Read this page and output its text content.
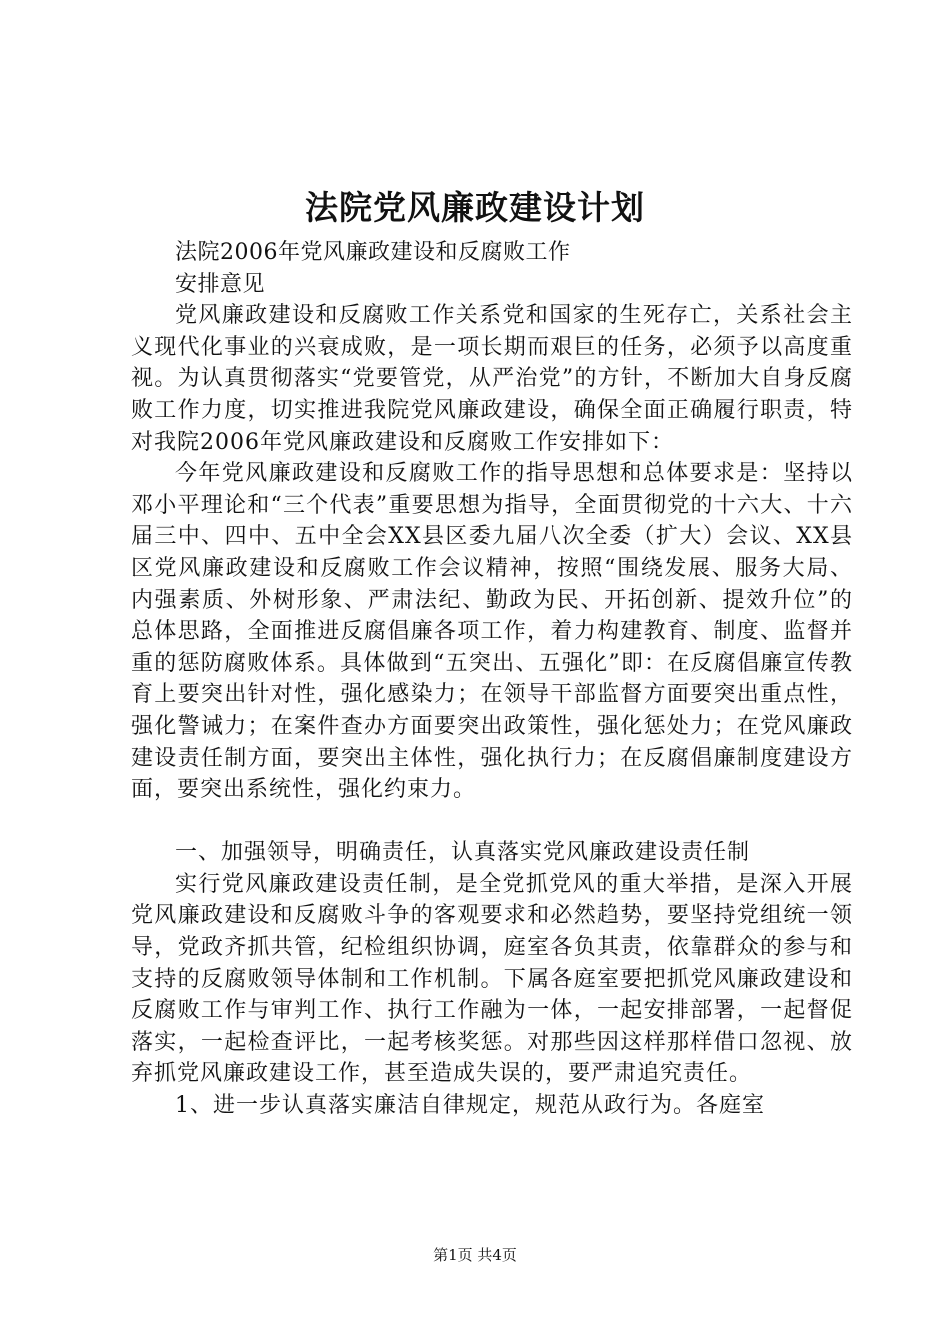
法院党风廉政建设计划

法院2006年党风廉政建设和反腐败工作

安排意见

党风廉政建设和反腐败工作关系党和国家的生死存亡，关系社会主义现代化事业的兴衰成败，是一项长期而艰巨的任务，必须予以高度重视。为认真贯彻落实“党要管党，从严治党”的方针，不断加大自身反腐败工作力度，切实推进我院党风廉政建设，确保全面正确履行职责，特对我院2006年党风廉政建设和反腐败工作安排如下：

今年党风廉政建设和反腐败工作的指导思想和总体要求是：坚持以邓小平理论和“三个代表”重要思想为指导，全面贯彻党的十六大、十六届三中、四中、五中全会XX县区委九届八次全委（扩大）会议、XX县区党风廉政建设和反腐败工作会议精神，按照“围绕发展、服务大局、内强素质、外树形象、严肃法纪、勤政为民、开拓创新、提效升位”的总体思路，全面推进反腐倡廉各项工作，着力构建教育、制度、监督并重的惩防腐败体系。具体做到“五突出、五强化”即：在反腐倡廉宣传教育上要突出针对性，强化感染力；在领导干部监督方面要突出重点性，强化警诫力；在案件查办方面要突出政策性，强化惩处力；在党风廉政建设责任制方面，要突出主体性，强化执行力；在反腐倡廉制度建设方面，要突出系统性，强化约束力。

一、加强领导，明确责任，认真落实党风廉政建设责任制

实行党风廉政建设责任制，是全党抓党风的重大举措，是深入开展党风廉政建设和反腐败斗争的客观要求和必然趋势，要坚持党组统一领导，党政齐抓共管，纪检组织协调，庭室各负其责，依靠群众的参与和支持的反腐败领导体制和工作机制。下属各庭室要把抓党风廉政建设和反腐败工作与审判工作、执行工作融为一体，一起安排部署，一起督促落实，一起检查评比，一起考核奖惩。对那些因这样那样借口忽视、放弃抓党风廉政建设工作，甚至造成失误的，要严肃追究责任。

1、进一步认真落实廉洁自律规定，规范从政行为。各庭室

第1页 共4页
